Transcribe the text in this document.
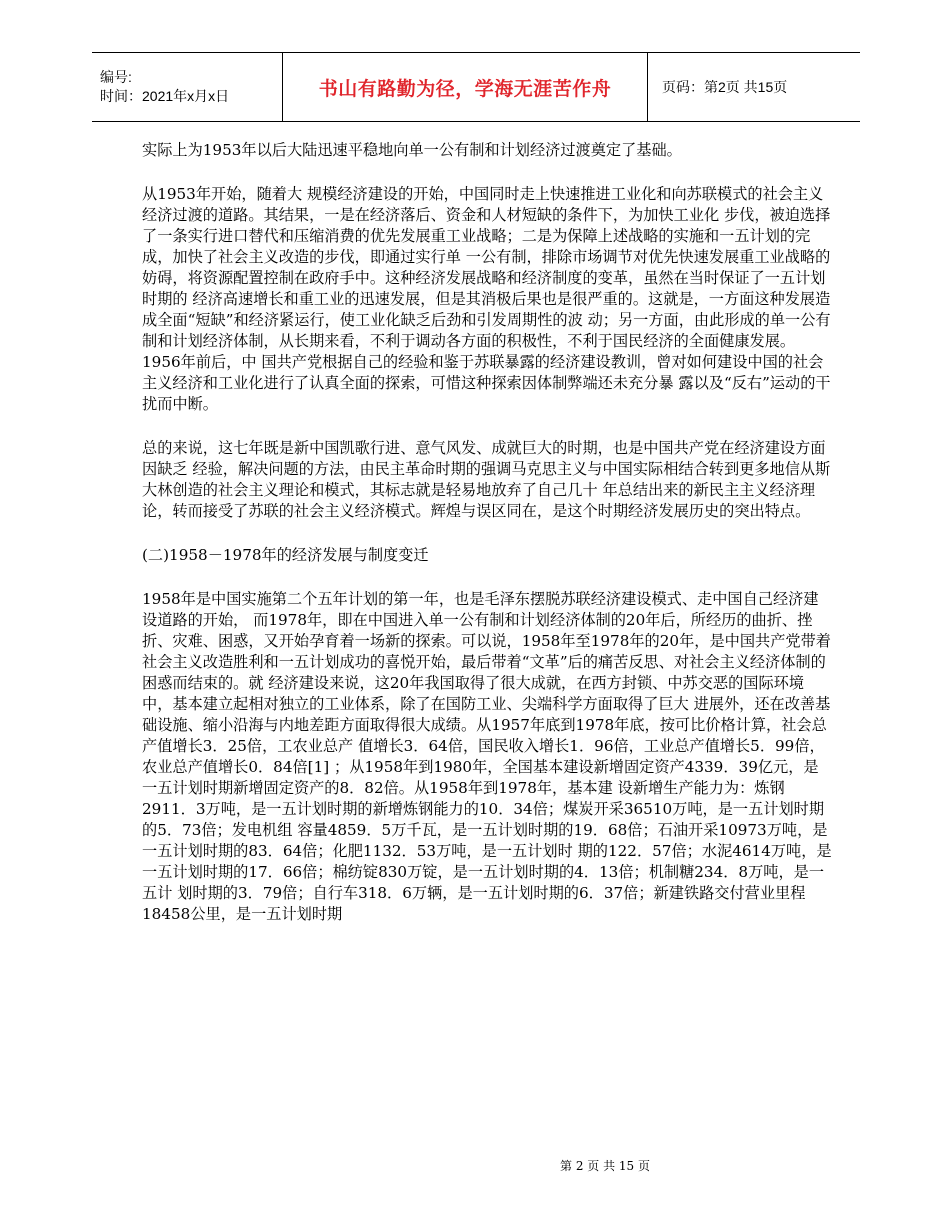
编号:
时间：2021年x月x日	书山有路勤为径，学海无涯苦作舟	页码：第2页 共15页

实际上为1953年以后大陆迅速平稳地向单一公有制和计划经济过渡奠定了基础。

从1953年开始，随着大 规模经济建设的开始，中国同时走上快速推进工业化和向苏联模式的社会主义经济过渡的道路。其结果，一是在经济落后、资金和人材短缺的条件下，为加快工业化 步伐，被迫选择了一条实行进口替代和压缩消费的优先发展重工业战略；二是为保障上述战略的实施和一五计划的完成，加快了社会主义改造的步伐，即通过实行单 一公有制，排除市场调节对优先快速发展重工业战略的妨碍，将资源配置控制在政府手中。这种经济发展战略和经济制度的变革，虽然在当时保证了一五计划时期的 经济高速增长和重工业的迅速发展，但是其消极后果也是很严重的。这就是，一方面这种发展造成全面“短缺”和经济紧运行，使工业化缺乏后劲和引发周期性的波 动；另一方面，由此形成的单一公有制和计划经济体制，从长期来看，不利于调动各方面的积极性，不利于国民经济的全面健康发展。1956年前后，中 国共产党根据自己的经验和鉴于苏联暴露的经济建设教训，曾对如何建设中国的社会主义经济和工业化进行了认真全面的探索，可惜这种探索因体制弊端还未充分暴 露以及“反右”运动的干扰而中断。

总的来说，这七年既是新中国凯歌行进、意气风发、成就巨大的时期，也是中国共产党在经济建设方面因缺乏 经验，解决问题的方法，由民主革命时期的强调马克思主义与中国实际相结合转到更多地信从斯大林创造的社会主义理论和模式，其标志就是轻易地放弃了自己几十 年总结出来的新民主主义经济理论，转而接受了苏联的社会主义经济模式。辉煌与误区同在，是这个时期经济发展历史的突出特点。

(二)1958－1978年的经济发展与制度变迁

1958年是中国实施第二个五年计划的第一年，也是毛泽东摆脱苏联经济建设模式、走中国自己经济建设道路的开始， 而1978年，即在中国进入单一公有制和计划经济体制的20年后，所经历的曲折、挫折、灾难、困惑，又开始孕育着一场新的探索。可以说，1958年至1978年的20年，是中国共产党带着社会主义改造胜利和一五计划成功的喜悦开始，最后带着“文革”后的痛苦反思、对社会主义经济体制的困惑而结束的。就 经济建设来说，这20年我国取得了很大成就，在西方封锁、中苏交恶的国际环境中，基本建立起相对独立的工业体系，除了在国防工业、尖端科学方面取得了巨大 进展外，还在改善基础设施、缩小沿海与内地差距方面取得很大成绩。从1957年底到1978年底，按可比价格计算，社会总产值增长3．25倍，工农业总产 值增长3．64倍，国民收入增长1．96倍，工业总产值增长5．99倍，农业总产值增长0．84倍[1] ；从1958年到1980年，全国基本建设新增固定资产4339．39亿元，是一五计划时期新增固定资产的8．82倍。从1958年到1978年，基本建 设新增生产能力为：炼钢2911．3万吨，是一五计划时期的新增炼钢能力的10．34倍；煤炭开采36510万吨，是一五计划时期的5．73倍；发电机组 容量4859．5万千瓦，是一五计划时期的19．68倍；石油开采10973万吨，是一五计划时期的83．64倍；化肥1132．53万吨，是一五计划时 期的122．57倍；水泥4614万吨，是一五计划时期的17．66倍；棉纺锭830万锭，是一五计划时期的4．13倍；机制糖234．8万吨，是一五计 划时期的3．79倍；自行车318．6万辆，是一五计划时期的6．37倍；新建铁路交付营业里程18458公里，是一五计划时期

第 2 页 共 15 页
